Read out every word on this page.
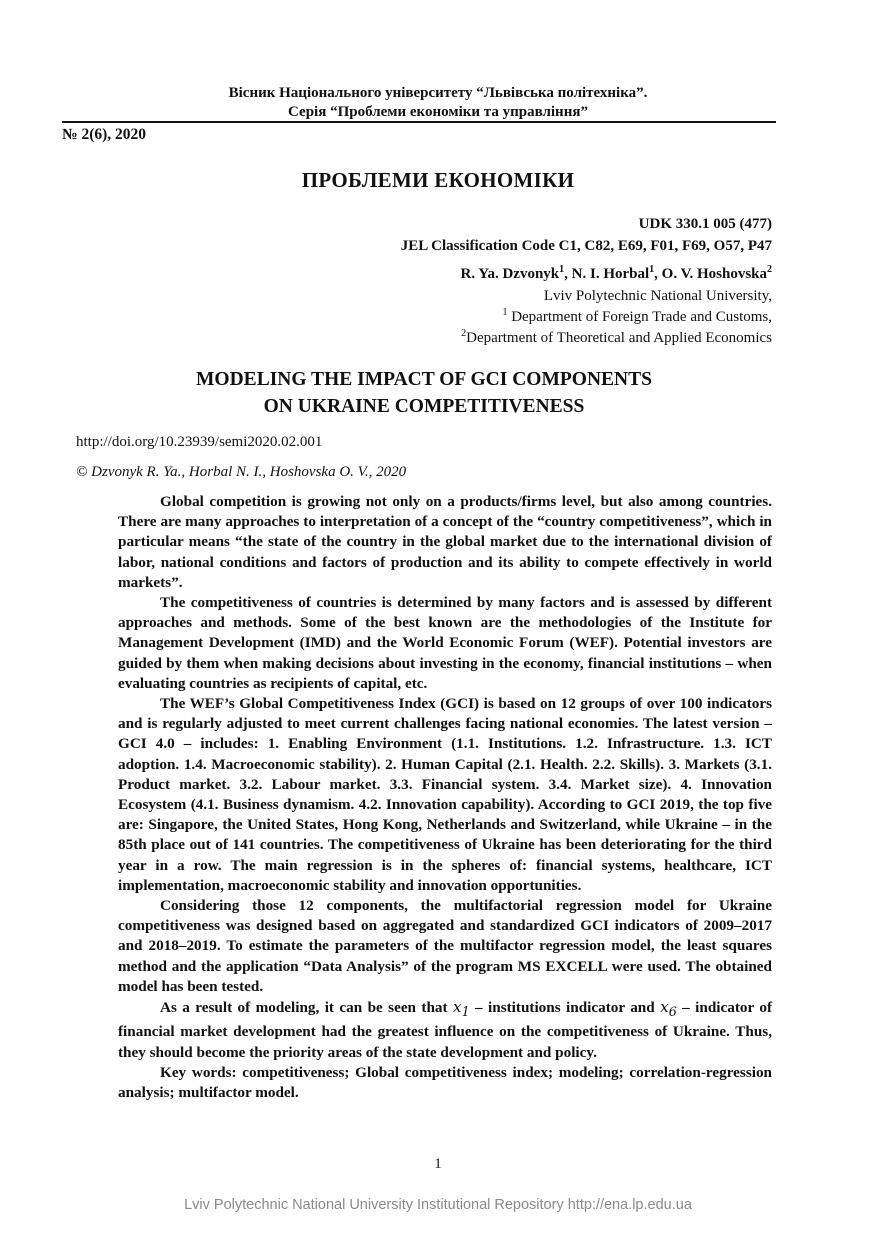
Вісник Національного університету “Львівська політехніка”.
Серія “Проблеми економіки та управління”
№ 2(6), 2020
ПРОБЛЕМИ ЕКОНОМІКИ
UDK 330.1 005 (477)
JEL Classification Code C1, C82, E69, F01, F69, O57, P47
R. Ya. Dzvonyk$^1$, N. I. Horbal$^1$, O. V. Hoshovska$^2$
Lviv Polytechnic National University,
$^1$ Department of Foreign Trade and Customs,
$^2$Department of Theoretical and Applied Economics
MODELING THE IMPACT OF GCI COMPONENTS
ON UKRAINE COMPETITIVENESS
http://doi.org/10.23939/semi2020.02.001
© Dzvonyk R. Ya., Horbal N. I., Hoshovska O. V., 2020

Global competition is growing not only on a products/firms level, but also among countries. There are many approaches to interpretation of a concept of the “country competitiveness”, which in particular means “the state of the country in the global market due to the international division of labor, national conditions and factors of production and its ability to compete effectively in world markets”.

The competitiveness of countries is determined by many factors and is assessed by different approaches and methods. Some of the best known are the methodologies of the Institute for Management Development (IMD) and the World Economic Forum (WEF). Potential investors are guided by them when making decisions about investing in the economy, financial institutions – when evaluating countries as recipients of capital, etc.

The WEF’s Global Competitiveness Index (GCI) is based on 12 groups of over 100 indicators and is regularly adjusted to meet current challenges facing national economies. The latest version – GCI 4.0 – includes: 1. Enabling Environment (1.1. Institutions. 1.2. Infrastructure. 1.3. ICT adoption. 1.4. Macroeconomic stability). 2. Human Capital (2.1. Health. 2.2. Skills). 3. Markets (3.1. Product market. 3.2. Labour market. 3.3. Financial system. 3.4. Market size). 4. Innovation Ecosystem (4.1. Business dynamism. 4.2. Innovation capability). According to GCI 2019, the top five are: Singapore, the United States, Hong Kong, Netherlands and Switzerland, while Ukraine – in the 85th place out of 141 countries. The competitiveness of Ukraine has been deteriorating for the third year in a row. The main regression is in the spheres of: financial systems, healthcare, ICT implementation, macroeconomic stability and innovation opportunities.

Considering those 12 components, the multifactorial regression model for Ukraine competitiveness was designed based on aggregated and standardized GCI indicators of 2009–2017 and 2018–2019. To estimate the parameters of the multifactor regression model, the least squares method and the application “Data Analysis” of the program MS EXCELL were used. The obtained model has been tested.

As a result of modeling, it can be seen that $x_1$ – institutions indicator and $x_6$ – indicator of financial market development had the greatest influence on the competitiveness of Ukraine. Thus, they should become the priority areas of the state development and policy.

Key words: competitiveness; Global competitiveness index; modeling; correlation-regression analysis; multifactor model.

1
Lviv Polytechnic National University Institutional Repository http://ena.lp.edu.ua
